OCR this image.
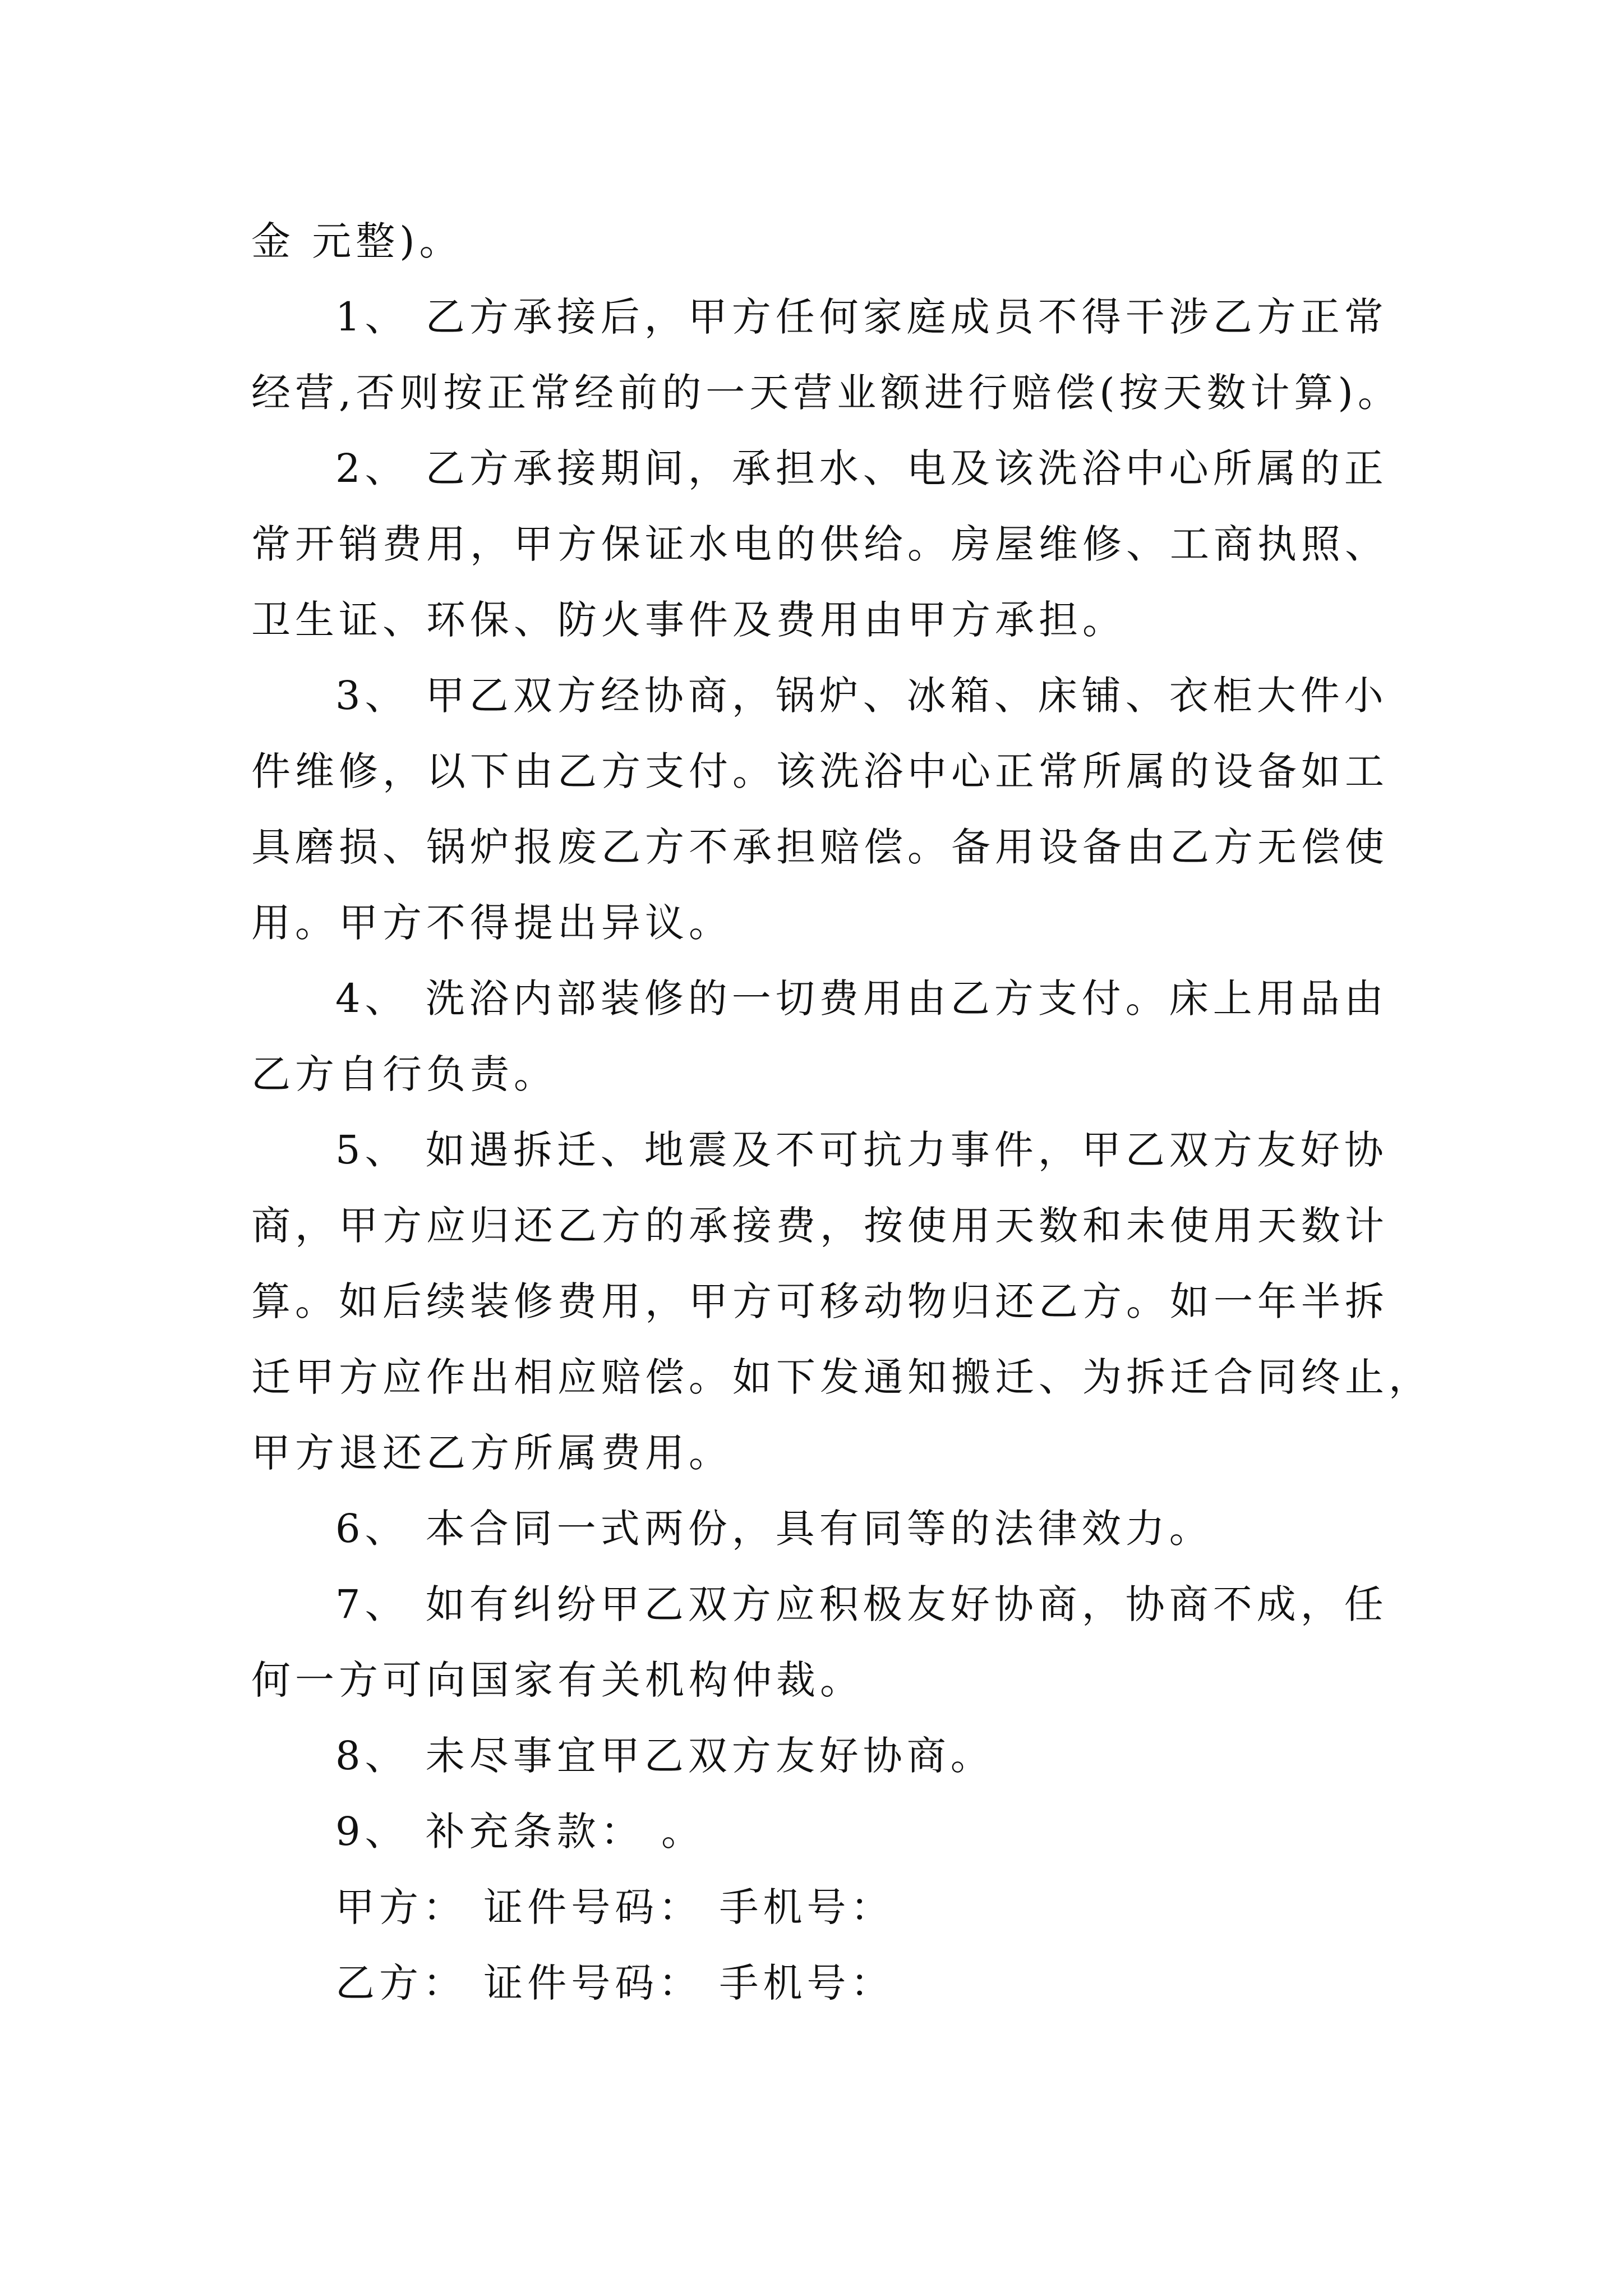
金 元整)。
1、 乙方承接后，甲方任何家庭成员不得干涉乙方正常
经营,否则按正常经前的一天营业额进行赔偿(按天数计算)。
2、 乙方承接期间，承担水、电及该洗浴中心所属的正
常开销费用，甲方保证水电的供给。房屋维修、工商执照、
卫生证、环保、防火事件及费用由甲方承担。
3、 甲乙双方经协商，锅炉、冰箱、床铺、衣柜大件小
件维修，以下由乙方支付。该洗浴中心正常所属的设备如工
具磨损、锅炉报废乙方不承担赔偿。备用设备由乙方无偿使
用。甲方不得提出异议。
4、 洗浴内部装修的一切费用由乙方支付。床上用品由
乙方自行负责。
5、 如遇拆迁、地震及不可抗力事件，甲乙双方友好协
商，甲方应归还乙方的承接费，按使用天数和未使用天数计
算。如后续装修费用，甲方可移动物归还乙方。如一年半拆
迁甲方应作出相应赔偿。如下发通知搬迁、为拆迁合同终止，
甲方退还乙方所属费用。
6、 本合同一式两份，具有同等的法律效力。
7、 如有纠纷甲乙双方应积极友好协商，协商不成，任
何一方可向国家有关机构仲裁。
8、 未尽事宜甲乙双方友好协商。
9、 补充条款： 。
甲方： 证件号码： 手机号：
乙方： 证件号码： 手机号：
